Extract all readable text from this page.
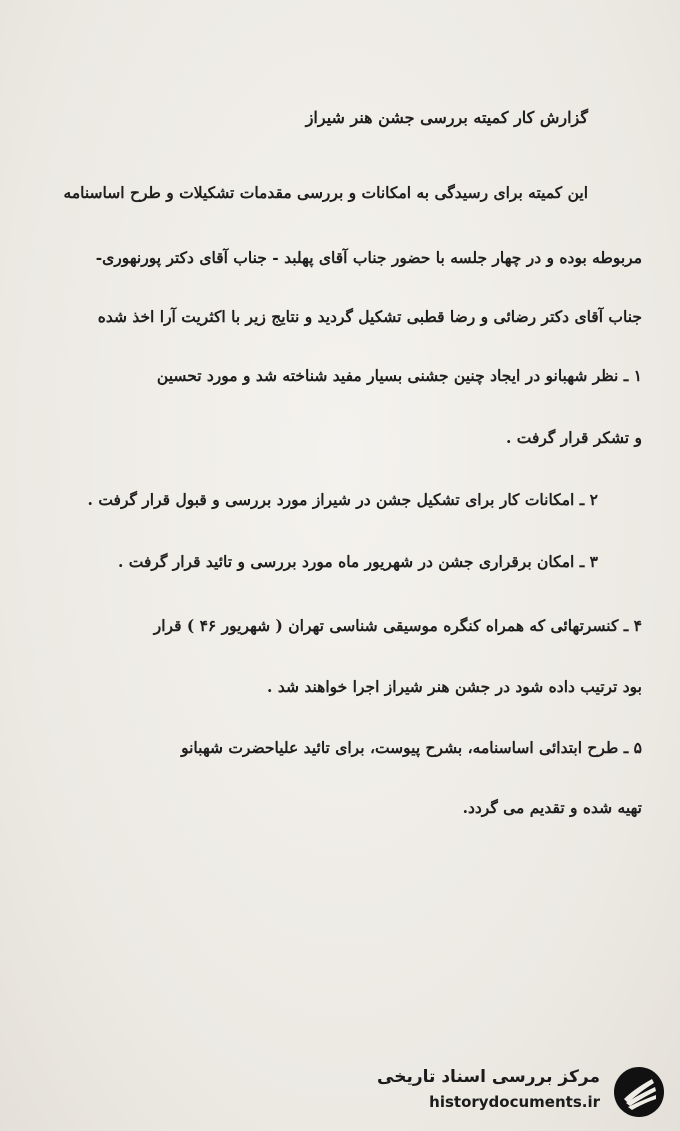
گزارش کار کمیته بررسی جشن هنر شیراز
این کمیته برای رسیدگی به امکانات و بررسی مقدمات تشکیلات و طرح اساسنامه
مربوطه بوده و در چهار جلسه با حضور جناب آقای پهلبد - جناب آقای دکتر پورنهوری-
جناب آقای دکتر رضائی و رضا قطبی تشکیل گردید و نتایج زیر با اکثریت آرا اخذ شده
۱ ـ نظر شهبانو در ایجاد چنین جشنی بسیار مفید شناخته شد و مورد تحسین
و تشکر قرار گرفت .
۲ ـ امکانات کار برای تشکیل جشن در شیراز مورد بررسی و قبول قرار گرفت .
۳ ـ امکان برقراری جشن در شهریور ماه مورد بررسی و تائید قرار گرفت .
۴ ـ کنسرتهائی که همراه کنگره موسیقی شناسی تهران ( شهریور ۴۶ ) قرار
بود ترتیب داده شود در جشن هنر شیراز اجرا خواهند شد .
۵ ـ طرح ابتدائی اساسنامه، بشرح پیوست، برای تائید علیاحضرت شهبانو
تهیه شده و تقدیم می گردد.
مرکز بررسی اسناد تاریخی
historydocuments.ir
